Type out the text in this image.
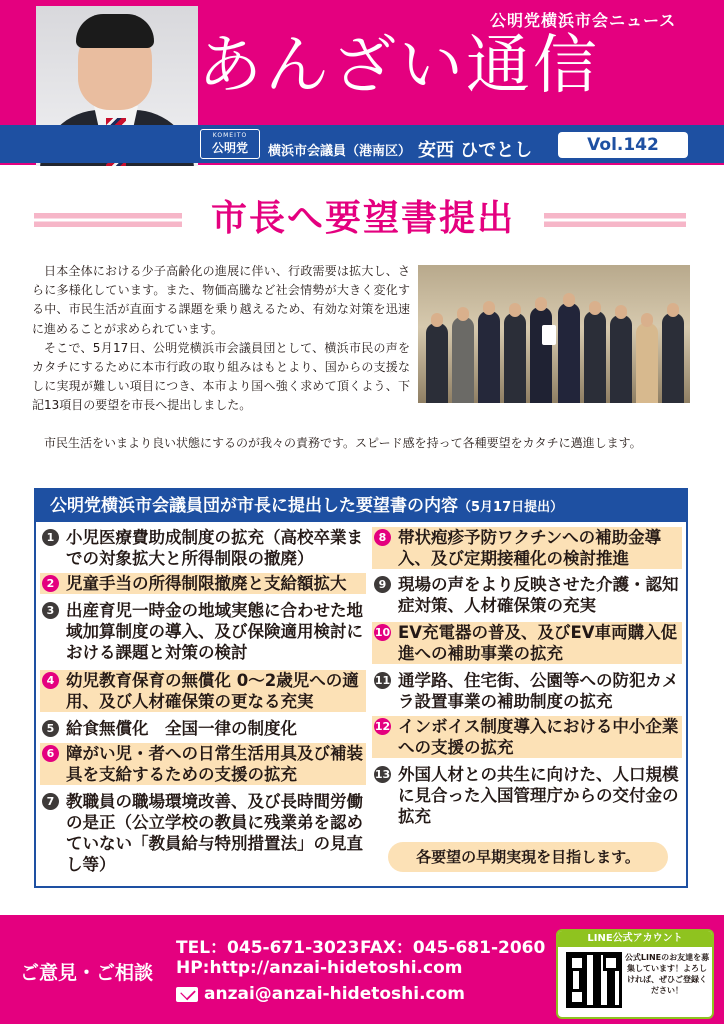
公明党横浜市会ニュース
あんざい通信
KOMEITO
公明党	横浜市会議員（港南区） 安西 ひでとし	Vol.142
市長へ要望書提出

日本全体における少子高齢化の進展に伴い、行政需要は拡大し、さらに多様化しています。また、物価高騰など社会情勢が大きく変化する中、市民生活が直面する課題を乗り越えるため、有効な対策を迅速に進めることが求められています。

そこで、5月17日、公明党横浜市会議員団として、横浜市民の声をカタチにするために本市行政の取り組みはもとより、国からの支援なしに実現が難しい項目につき、本市より国へ強く求めて頂くよう、下記13項目の要望を市長へ提出しました。

市民生活をいまより良い状態にするのが我々の責務です。スピード感を持って各種要望をカタチに邁進します。
公明党横浜市会議員団が市長に提出した要望書の内容（5月17日提出）
1 小児医療費助成制度の拡充（高校卒業までの対象拡大と所得制限の撤廃）
2 児童手当の所得制限撤廃と支給額拡大
3 出産育児一時金の地域実態に合わせた地域加算制度の導入、及び保険適用検討における課題と対策の検討
4 幼児教育保育の無償化 0〜2歳児への適用、及び人材確保策の更なる充実
5 給食無償化　全国一律の制度化
6 障がい児・者への日常生活用具及び補装具を支給するための支援の拡充
7 教職員の職場環境改善、及び長時間労働の是正（公立学校の教員に残業弟を認めていない「教員給与特別措置法」の見直し等）
8 帯状疱疹予防ワクチンへの補助金導入、及び定期接種化の検討推進
9 現場の声をより反映させた介護・認知症対策、人材確保策の充実
10 EV充電器の普及、及びEV車両購入促進への補助事業の拡充
11 通学路、住宅街、公園等への防犯カメラ設置事業の補助制度の拡充
12 インボイス制度導入における中小企業への支援の拡充
13 外国人材との共生に向けた、人口規模に見合った入国管理庁からの交付金の拡充
各要望の早期実現を目指します。
ご意見・ご相談
TEL：045-671-3023 FAX：045-681-2060
HP:http://anzai-hidetoshi.com
anzai@anzai-hidetoshi.com
LINE公式アカウント
公式LINEのお友達を募集しています！よろしければ、ぜひご登録ください！
